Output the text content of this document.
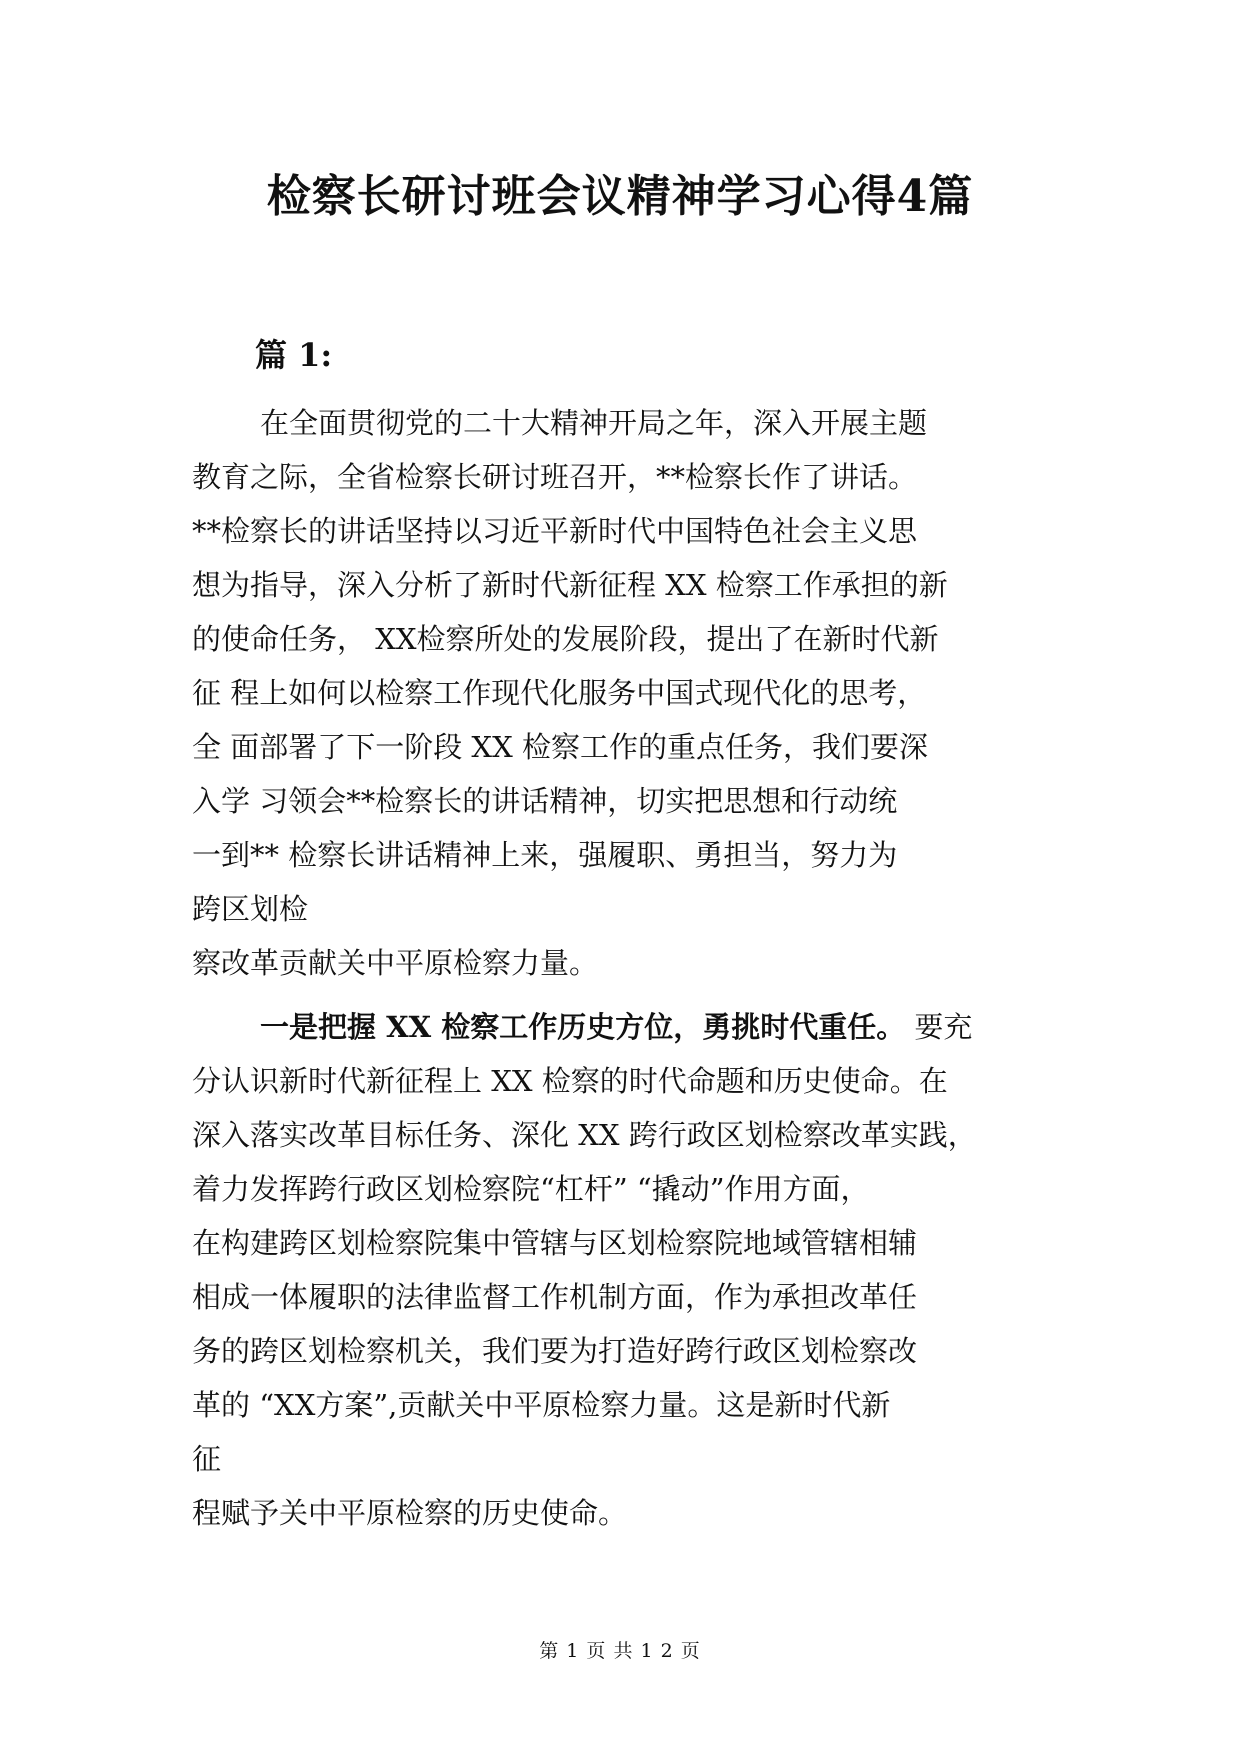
检察长研讨班会议精神学习心得4篇
篇 1:
在全面贯彻党的二十大精神开局之年，深入开展主题
教育之际，全省检察长研讨班召开，**检察长作了讲话。
**检察长的讲话坚持以习近平新时代中国特色社会主义思
想为指导，深入分析了新时代新征程 XX 检察工作承担的新
的使命任务， XX检察所处的发展阶段，提出了在新时代新
征 程上如何以检察工作现代化服务中国式现代化的思考，
全 面部署了下一阶段 XX 检察工作的重点任务，我们要深
入学 习领会**检察长的讲话精神，切实把思想和行动统
一到** 检察长讲话精神上来，强履职、勇担当，努力为
跨区划检
察改革贡献关中平原检察力量。
一是把握 XX 检察工作历史方位，勇挑时代重任。 要充
分认识新时代新征程上 XX 检察的时代命题和历史使命。在
深入落实改革目标任务、深化 XX 跨行政区划检察改革实践，
着力发挥跨行政区划检察院“杠杆” “撬动”作用方面，
在构建跨区划检察院集中管辖与区划检察院地域管辖相辅
相成一体履职的法律监督工作机制方面，作为承担改革任
务的跨区划检察机关，我们要为打造好跨行政区划检察改
革的 “XX方案”,贡献关中平原检察力量。这是新时代新
征
程赋予关中平原检察的历史使命。
第 1 页 共 1 2 页
